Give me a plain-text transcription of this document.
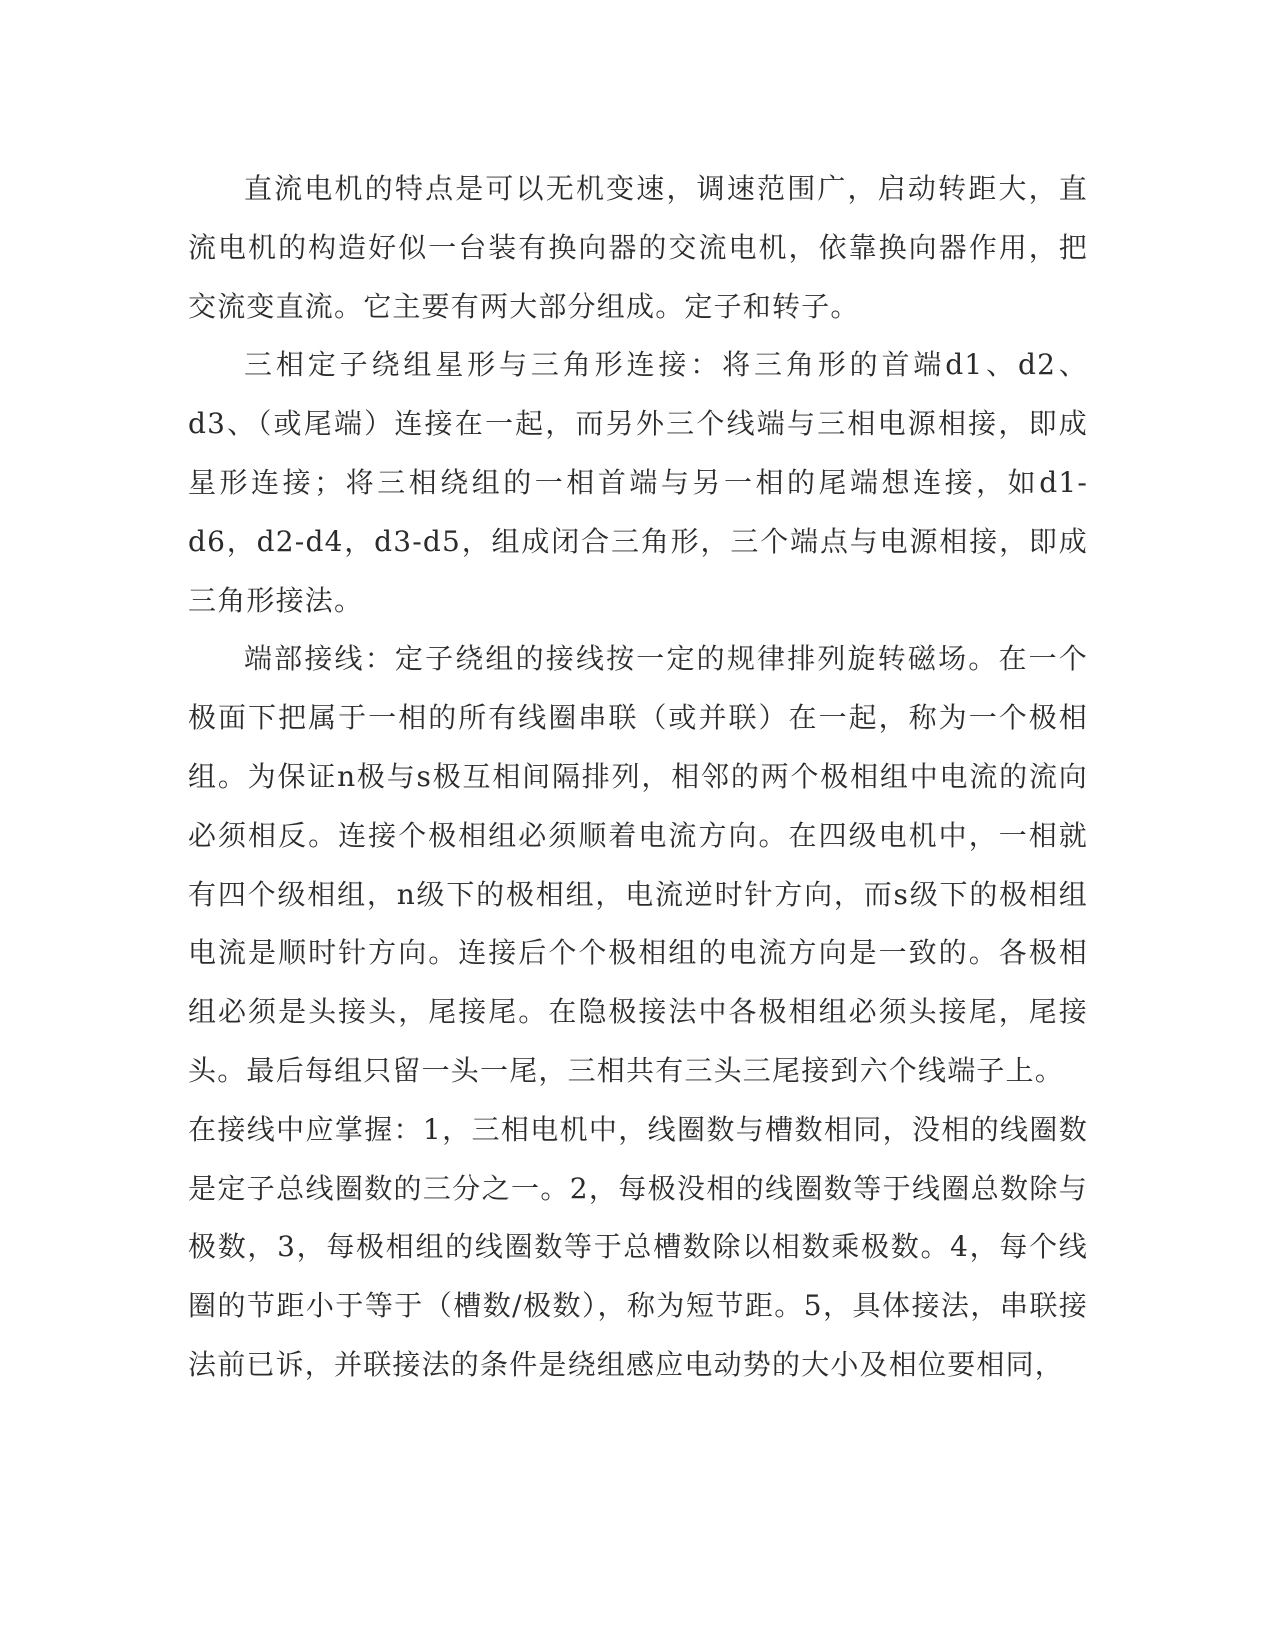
直流电机的特点是可以无机变速，调速范围广，启动转距大，直流电机的构造好似一台装有换向器的交流电机，依靠换向器作用，把交流变直流。它主要有两大部分组成。定子和转子。

三相定子绕组星形与三角形连接：将三角形的首端d1、d2、d3、（或尾端）连接在一起，而另外三个线端与三相电源相接，即成星形连接；将三相绕组的一相首端与另一相的尾端想连接，如d1-d6，d2-d4，d3-d5，组成闭合三角形，三个端点与电源相接，即成三角形接法。

端部接线：定子绕组的接线按一定的规律排列旋转磁场。在一个极面下把属于一相的所有线圈串联（或并联）在一起，称为一个极相组。为保证n极与s极互相间隔排列，相邻的两个极相组中电流的流向必须相反。连接个极相组必须顺着电流方向。在四级电机中，一相就有四个级相组，n级下的极相组，电流逆时针方向，而s级下的极相组电流是顺时针方向。连接后个个极相组的电流方向是一致的。各极相组必须是头接头，尾接尾。在隐极接法中各极相组必须头接尾，尾接头。最后每组只留一头一尾，三相共有三头三尾接到六个线端子上。

在接线中应掌握：1，三相电机中，线圈数与槽数相同，没相的线圈数是定子总线圈数的三分之一。2，每极没相的线圈数等于线圈总数除与极数，3，每极相组的线圈数等于总槽数除以相数乘极数。4，每个线圈的节距小于等于（槽数/极数），称为短节距。5，具体接法，串联接法前已诉，并联接法的条件是绕组感应电动势的大小及相位要相同，
